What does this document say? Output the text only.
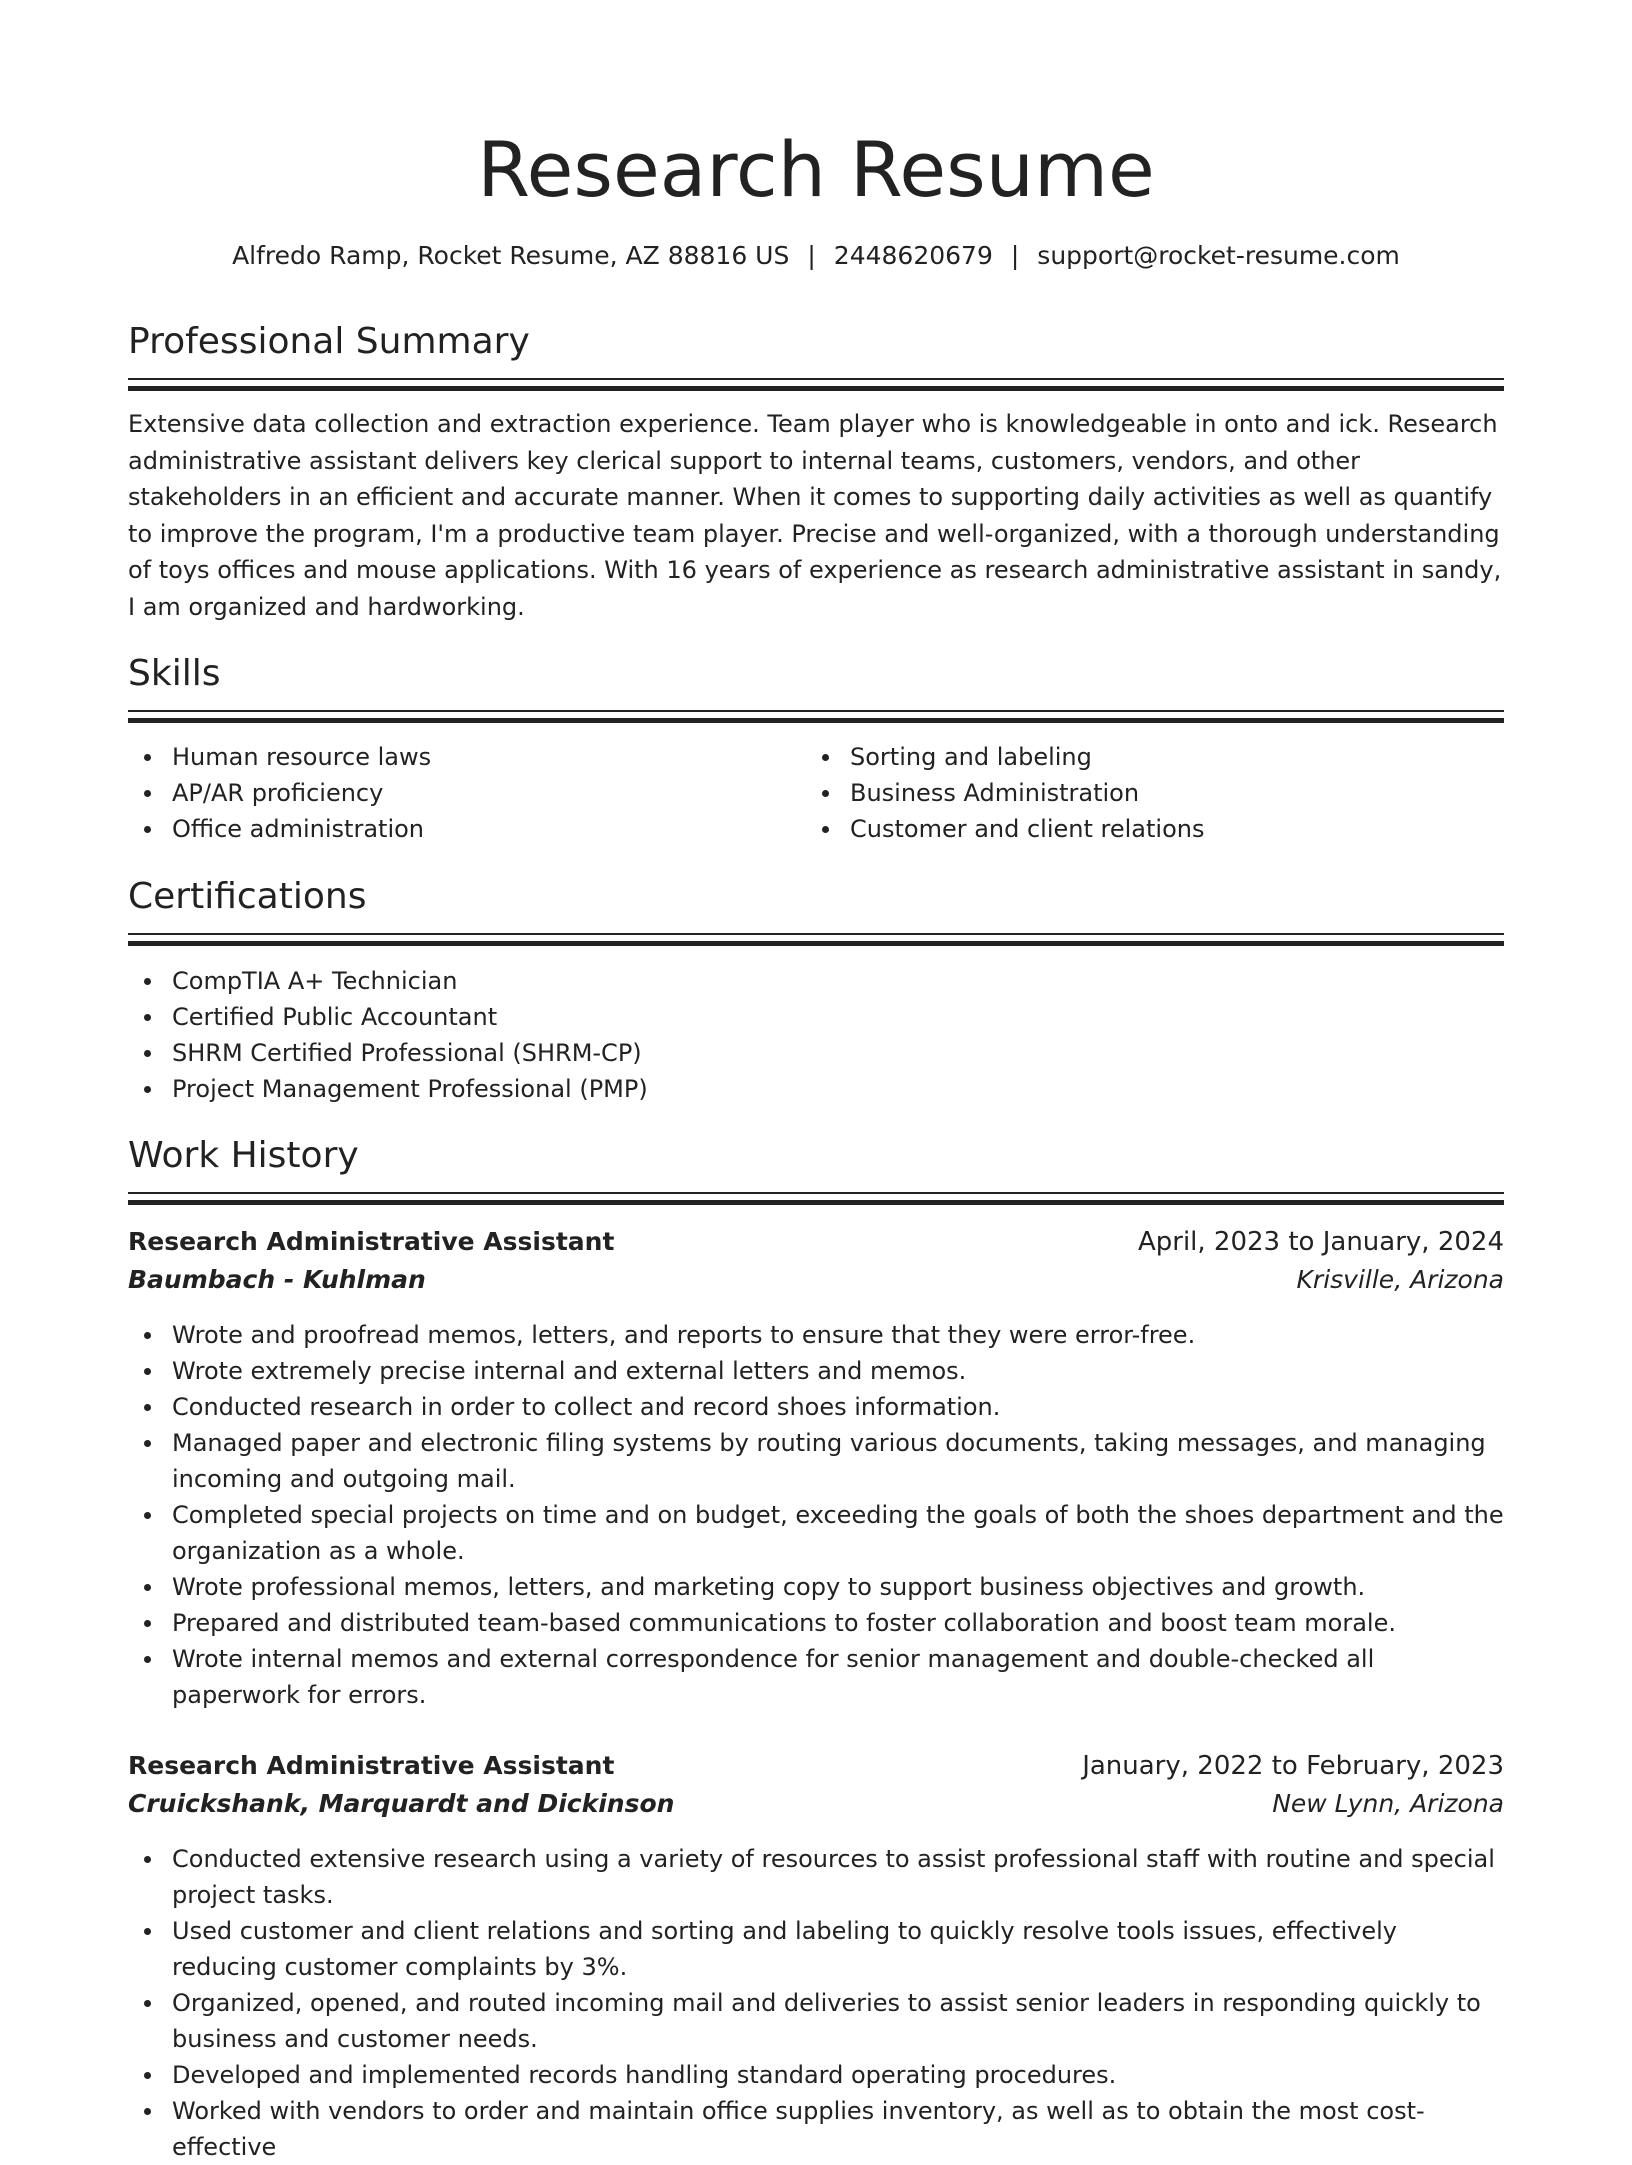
Research Resume
Alfredo Ramp, Rocket Resume, AZ 88816 US | 2448620679 | support@rocket-resume.com
Professional Summary

Extensive data collection and extraction experience. Team player who is knowledgeable in onto and ick. Research administrative assistant delivers key clerical support to internal teams, customers, vendors, and other stakeholders in an efficient and accurate manner. When it comes to supporting daily activities as well as quantify to improve the program, I'm a productive team player. Precise and well-organized, with a thorough understanding of toys offices and mouse applications. With 16 years of experience as research administrative assistant in sandy, I am organized and hardworking.

Skills
Human resource laws
AP/AR proficiency
Office administration
Sorting and labeling
Business Administration
Customer and client relations
Certifications
CompTIA A+ Technician
Certified Public Accountant
SHRM Certified Professional (SHRM-CP)
Project Management Professional (PMP)
Work History
Research Administrative Assistant	April, 2023 to January, 2024
Baumbach - Kuhlman	Krisville, Arizona
Wrote and proofread memos, letters, and reports to ensure that they were error-free.
Wrote extremely precise internal and external letters and memos.
Conducted research in order to collect and record shoes information.
Managed paper and electronic filing systems by routing various documents, taking messages, and managing incoming and outgoing mail.
Completed special projects on time and on budget, exceeding the goals of both the shoes department and the organization as a whole.
Wrote professional memos, letters, and marketing copy to support business objectives and growth.
Prepared and distributed team-based communications to foster collaboration and boost team morale.
Wrote internal memos and external correspondence for senior management and double-checked all paperwork for errors.
Research Administrative Assistant	January, 2022 to February, 2023
Cruickshank, Marquardt and Dickinson	New Lynn, Arizona
Conducted extensive research using a variety of resources to assist professional staff with routine and special project tasks.
Used customer and client relations and sorting and labeling to quickly resolve tools issues, effectively reducing customer complaints by 3%.
Organized, opened, and routed incoming mail and deliveries to assist senior leaders in responding quickly to business and customer needs.
Developed and implemented records handling standard operating procedures.
Worked with vendors to order and maintain office supplies inventory, as well as to obtain the most cost-effective
